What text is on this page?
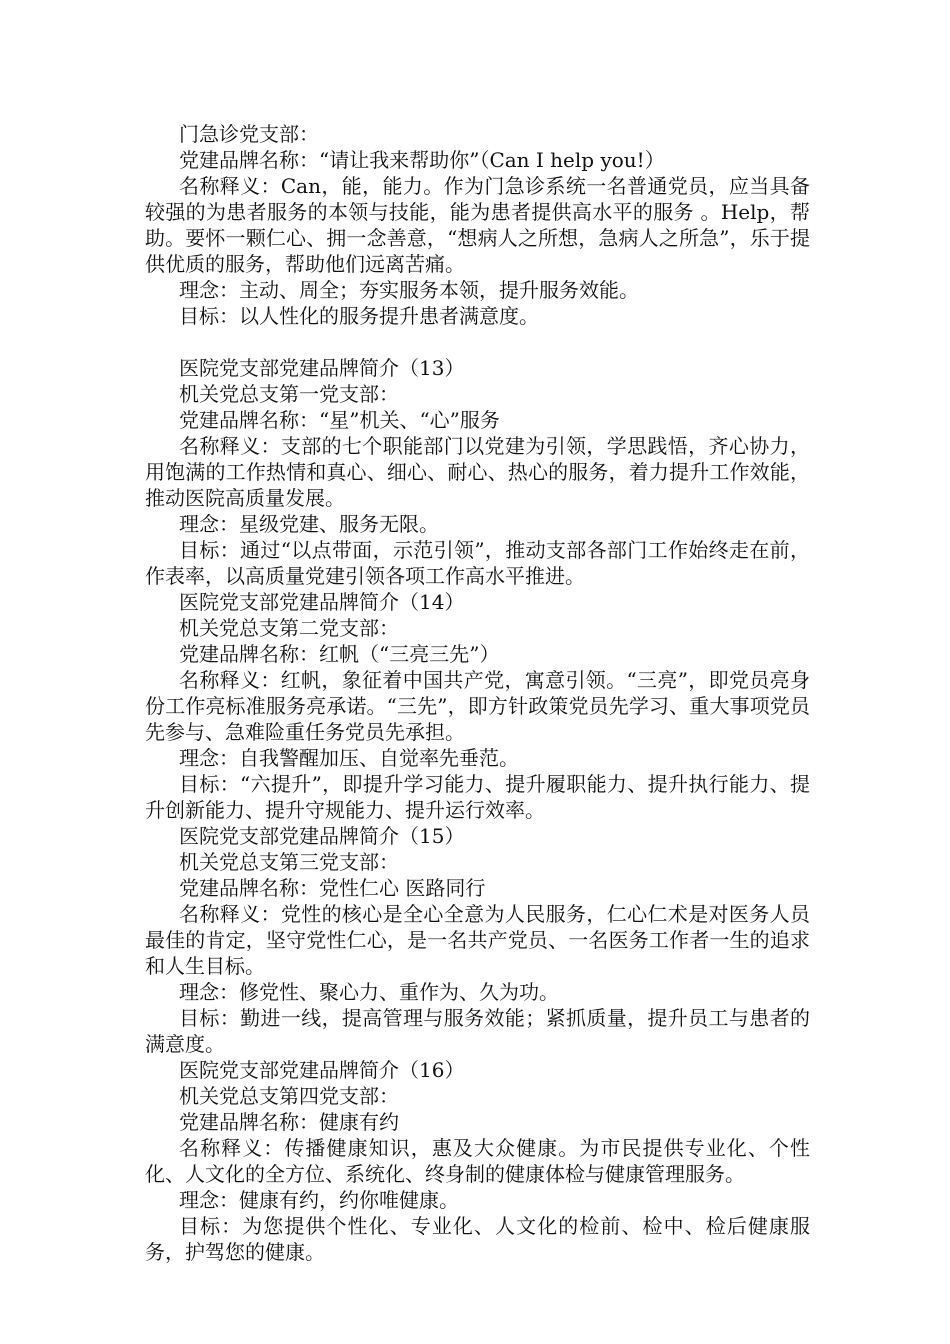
门急诊党支部：

党建品牌名称：“请让我来帮助你”（Can I help you!）

名称释义：Can，能，能力。作为门急诊系统一名普通党员，应当具备较强的为患者服务的本领与技能，能为患者提供高水平的服务 。Help，帮助。要怀一颗仁心、拥一念善意，“想病人之所想，急病人之所急”，乐于提供优质的服务，帮助他们远离苦痛。

理念：主动、周全；夯实服务本领，提升服务效能。

目标：以人性化的服务提升患者满意度。

医院党支部党建品牌简介（13）

机关党总支第一党支部：

党建品牌名称：“星”机关、“心”服务

名称释义：支部的七个职能部门以党建为引领，学思践悟，齐心协力，用饱满的工作热情和真心、细心、耐心、热心的服务，着力提升工作效能，推动医院高质量发展。

理念：星级党建、服务无限。

目标：通过“以点带面，示范引领”，推动支部各部门工作始终走在前，作表率，以高质量党建引领各项工作高水平推进。

医院党支部党建品牌简介（14）

机关党总支第二党支部：

党建品牌名称：红帆（“三亮三先”）

名称释义：红帆，象征着中国共产党，寓意引领。“三亮”，即党员亮身份工作亮标准服务亮承诺。“三先”，即方针政策党员先学习、重大事项党员先参与、急难险重任务党员先承担。

理念：自我警醒加压、自觉率先垂范。

目标：“六提升”，即提升学习能力、提升履职能力、提升执行能力、提升创新能力、提升守规能力、提升运行效率。

医院党支部党建品牌简介（15）

机关党总支第三党支部：

党建品牌名称：党性仁心 医路同行

名称释义：党性的核心是全心全意为人民服务，仁心仁术是对医务人员最佳的肯定，坚守党性仁心，是一名共产党员、一名医务工作者一生的追求和人生目标。

理念：修党性、聚心力、重作为、久为功。

目标：勤进一线，提高管理与服务效能；紧抓质量，提升员工与患者的满意度。

医院党支部党建品牌简介（16）

机关党总支第四党支部：

党建品牌名称：健康有约

名称释义：传播健康知识，惠及大众健康。为市民提供专业化、个性化、人文化的全方位、系统化、终身制的健康体检与健康管理服务。

理念：健康有约，约你唯健康。

目标：为您提供个性化、专业化、人文化的检前、检中、检后健康服务，护驾您的健康。
